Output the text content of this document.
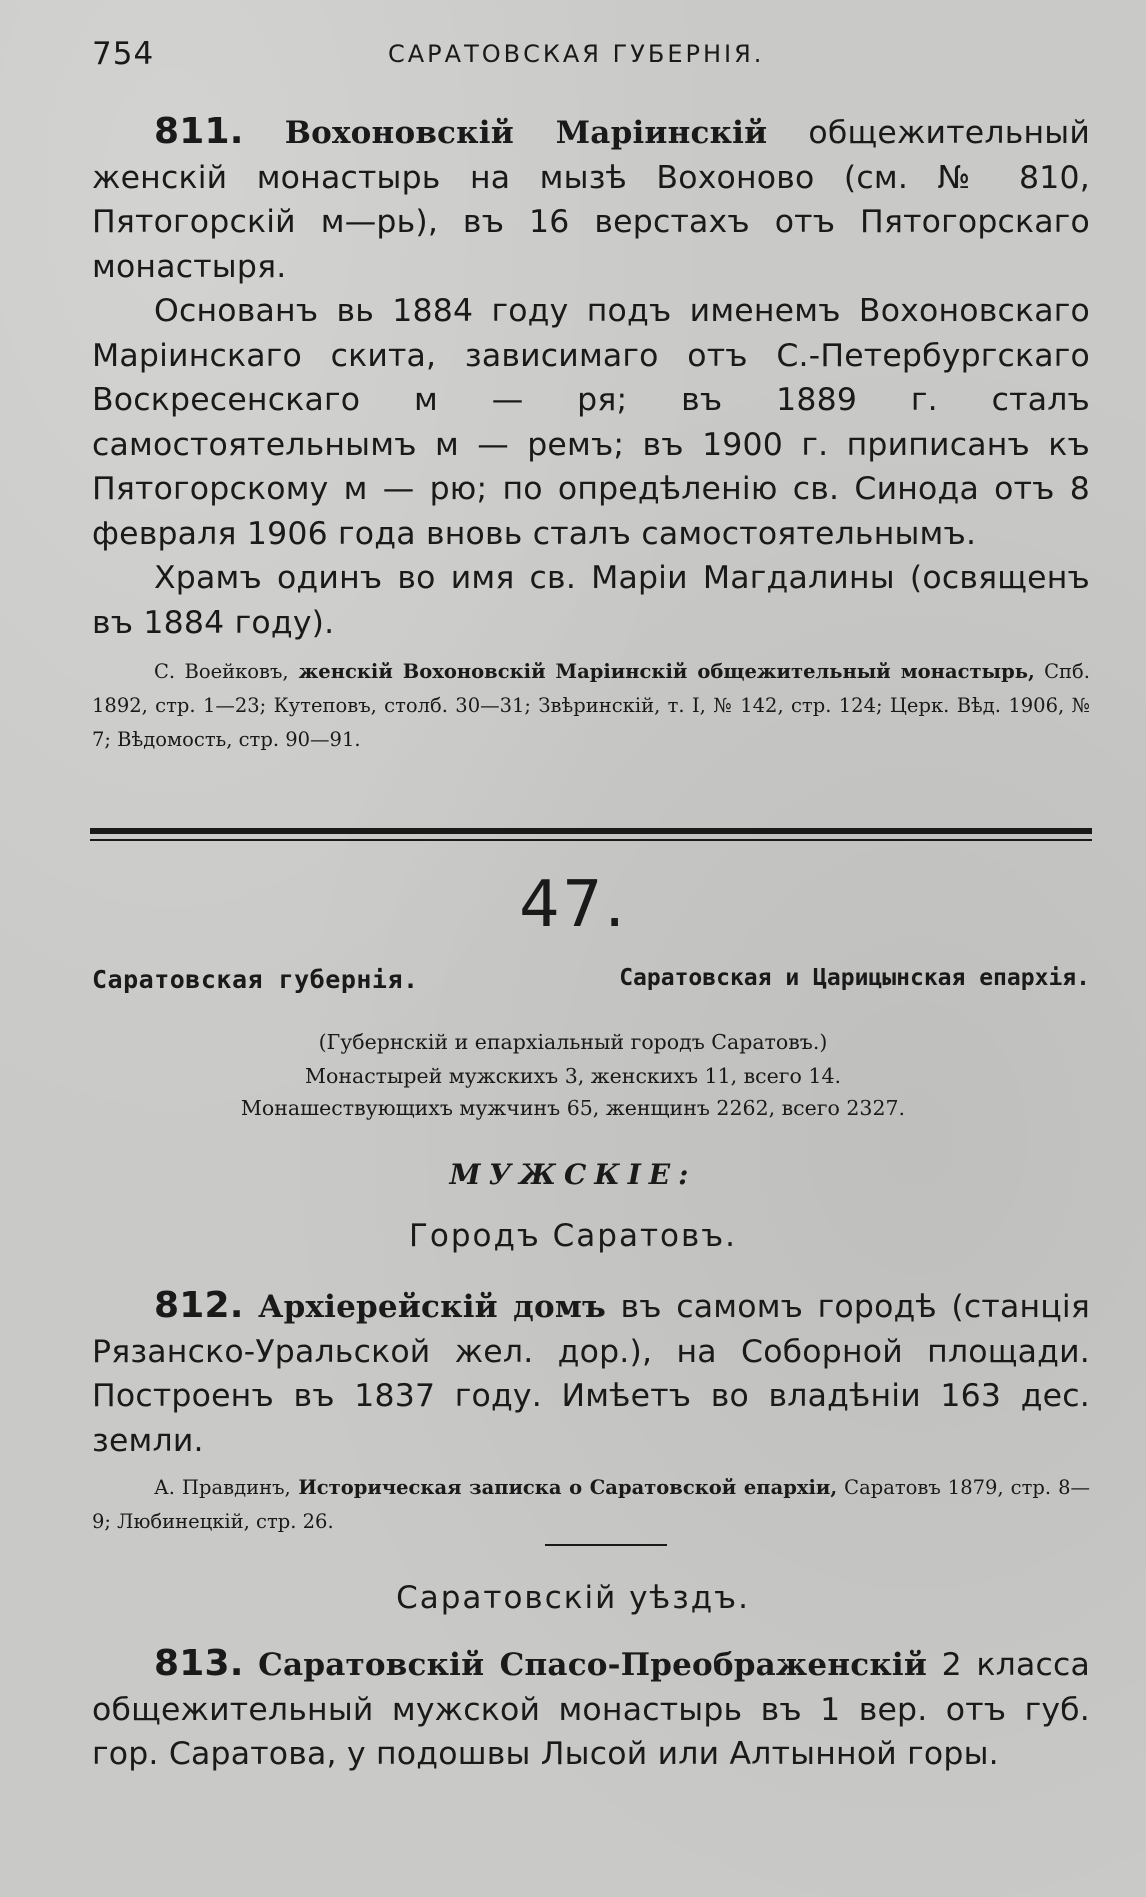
754	САРАТОВСКАЯ ГУБЕРНІЯ.

811. Вохоновскій Маріинскій общежительный женскій монастырь на мызѣ Вохоново (см. № 810, Пятогорскій м—рь), въ 16 верстахъ отъ Пятогорскаго монастыря.

Основанъ вь 1884 году подъ именемъ Вохоновскаго Маріинскаго скита, зависимаго отъ С.-Петербургскаго Воскресенскаго м — ря; въ 1889 г. сталъ самостоятельнымъ м — ремъ; въ 1900 г. приписанъ къ Пятогорскому м — рю; по опредѣленію св. Синода отъ 8 февраля 1906 года вновь сталъ самостоятельнымъ.

Храмъ одинъ во имя св. Маріи Магдалины (освященъ въ 1884 году).

С. Воейковъ, женскій Вохоновскій Маріинскій общежительный монастырь, Спб. 1892, стр. 1—23; Кутеповъ, столб. 30—31; Звѣринскій, т. I, № 142, стр. 124; Церк. Вѣд. 1906, № 7; Вѣдомость, стр. 90—91.

47.
Саратовская губернія.	Саратовская и Царицынская епархія.
(Губернскій и епархіальный городъ Саратовъ.)
Монастырей мужскихъ 3, женскихъ 11, всего 14.
Монашествующихъ мужчинъ 65, женщинъ 2262, всего 2327.
МУЖСКІЕ:
Городъ Саратовъ.

812. Архіерейскій домъ въ самомъ городѣ (станція Рязанско-Уральской жел. дор.), на Соборной площади. Построенъ въ 1837 году. Имѣетъ во владѣніи 163 дес. земли.

А. Правдинъ, Историческая записка о Саратовской епархіи, Саратовъ 1879, стр. 8—9; Любинецкій, стр. 26.

Саратовскій уѣздъ.

813. Саратовскій Спасо-Преображенскій 2 класса общежительный мужской монастырь въ 1 вер. отъ губ. гор. Саратова, у подошвы Лысой или Алтынной горы.
